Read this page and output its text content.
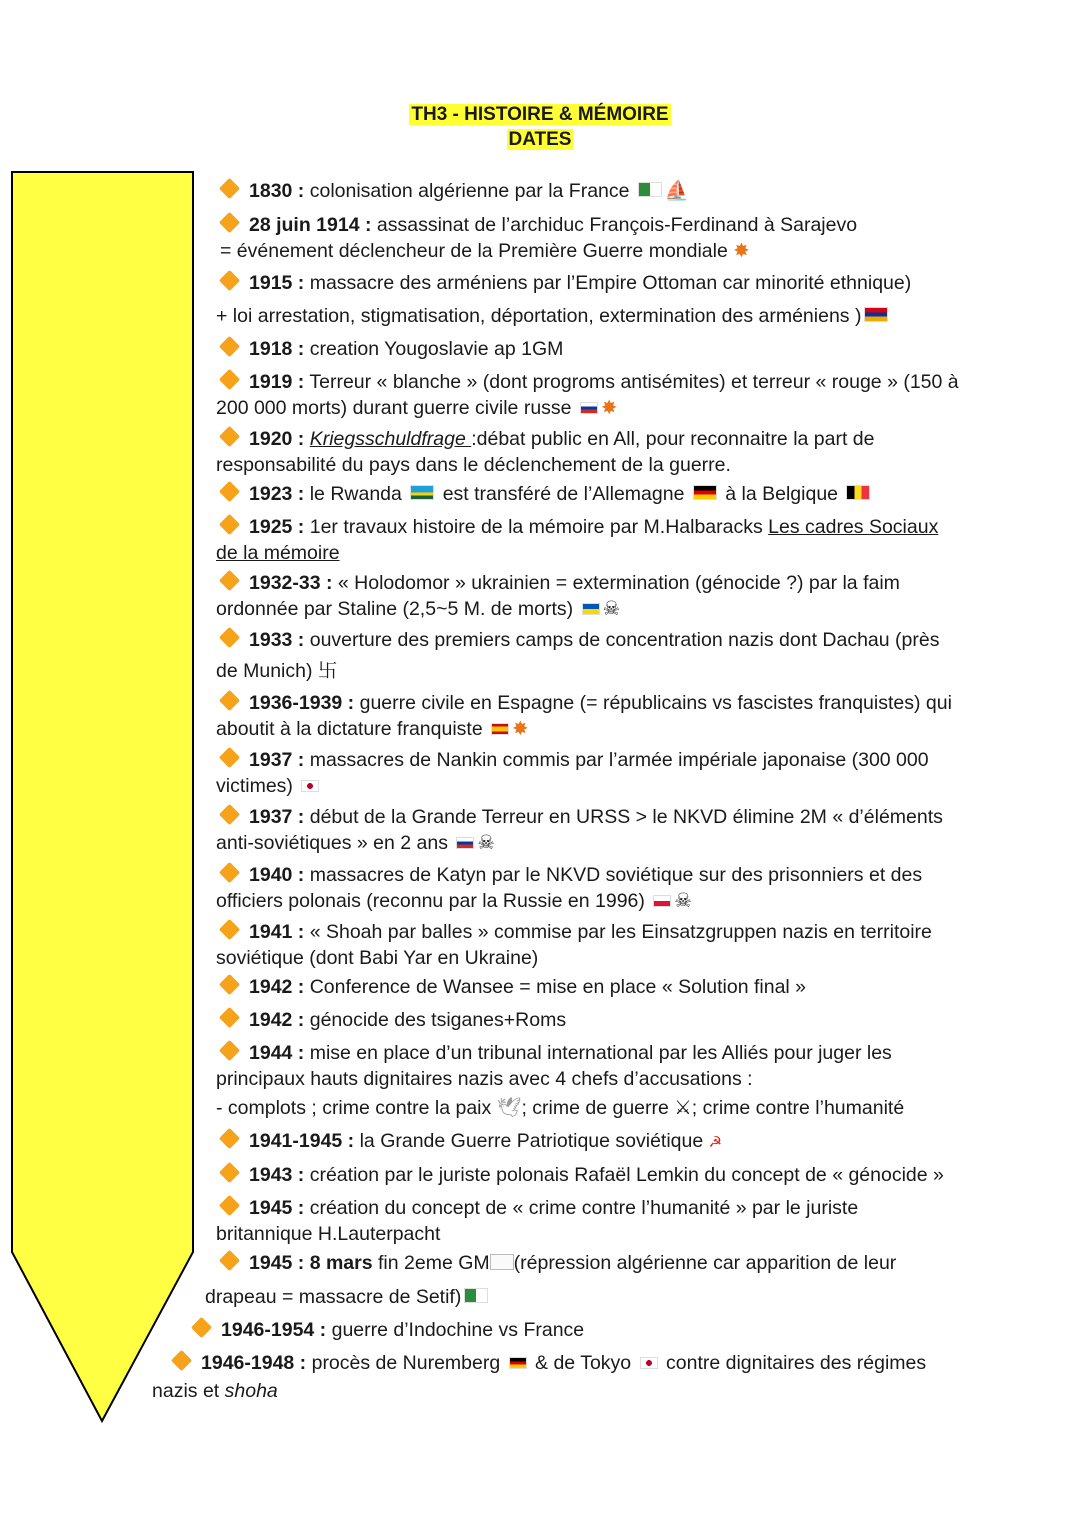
TH3 - HISTOIRE & MÉMOIRE
DATES
1830 : colonisation algérienne par la France ⛵
28 juin 1914 : assassinat de l’archiduc François-Ferdinand à Sarajevo
= événement déclencheur de la Première Guerre mondiale ✸
1915 : massacre des arméniens par l’Empire Ottoman car minorité ethnique)
+ loi arrestation, stigmatisation, déportation, extermination des arméniens )
1918 : creation Yougoslavie ap 1GM
1919 : Terreur « blanche » (dont progroms antisémites) et terreur « rouge » (150 à
200 000 morts) durant guerre civile russe ✸
1920 : Kriegsschuldfrage :débat public en All, pour reconnaitre la part de
responsabilité du pays dans le déclenchement de la guerre.
1923 : le Rwanda est transféré de l’Allemagne à la Belgique
1925 : 1er travaux histoire de la mémoire par M.Halbaracks Les cadres Sociaux
de la mémoire
1932-33 : « Holodomor » ukrainien = extermination (génocide ?) par la faim
ordonnée par Staline (2,5~5 M. de morts) ☠
1933 : ouverture des premiers camps de concentration nazis dont Dachau (près
de Munich) 卐
1936-1939 : guerre civile en Espagne (= républicains vs fascistes franquistes) qui
aboutit à la dictature franquiste ✸
1937 : massacres de Nankin commis par l’armée impériale japonaise (300 000
victimes)
1937 : début de la Grande Terreur en URSS > le NKVD élimine 2M « d’éléments
anti-soviétiques » en 2 ans ☠
1940 : massacres de Katyn par le NKVD soviétique sur des prisonniers et des
officiers polonais (reconnu par la Russie en 1996) ☠
1941 : « Shoah par balles » commise par les Einsatzgruppen nazis en territoire
soviétique (dont Babi Yar en Ukraine)
1942 : Conference de Wansee = mise en place « Solution final »
1942 : génocide des tsiganes+Roms
1944 : mise en place d’un tribunal international par les Alliés pour juger les
principaux hauts dignitaires nazis avec 4 chefs d’accusations :
- complots ; crime contre la paix 🕊; crime de guerre ⚔; crime contre l’humanité
1941-1945 : la Grande Guerre Patriotique soviétique ☭
1943 : création par le juriste polonais Rafaël Lemkin du concept de « génocide »
1945 : création du concept de « crime contre l’humanité » par le juriste
britannique H.Lauterpacht
1945 : 8 mars fin 2eme GM (répression algérienne car apparition de leur
drapeau = massacre de Setif)
1946-1954 : guerre d’Indochine vs France
1946-1948 : procès de Nuremberg & de Tokyo contre dignitaires des régimes
nazis et shoha
